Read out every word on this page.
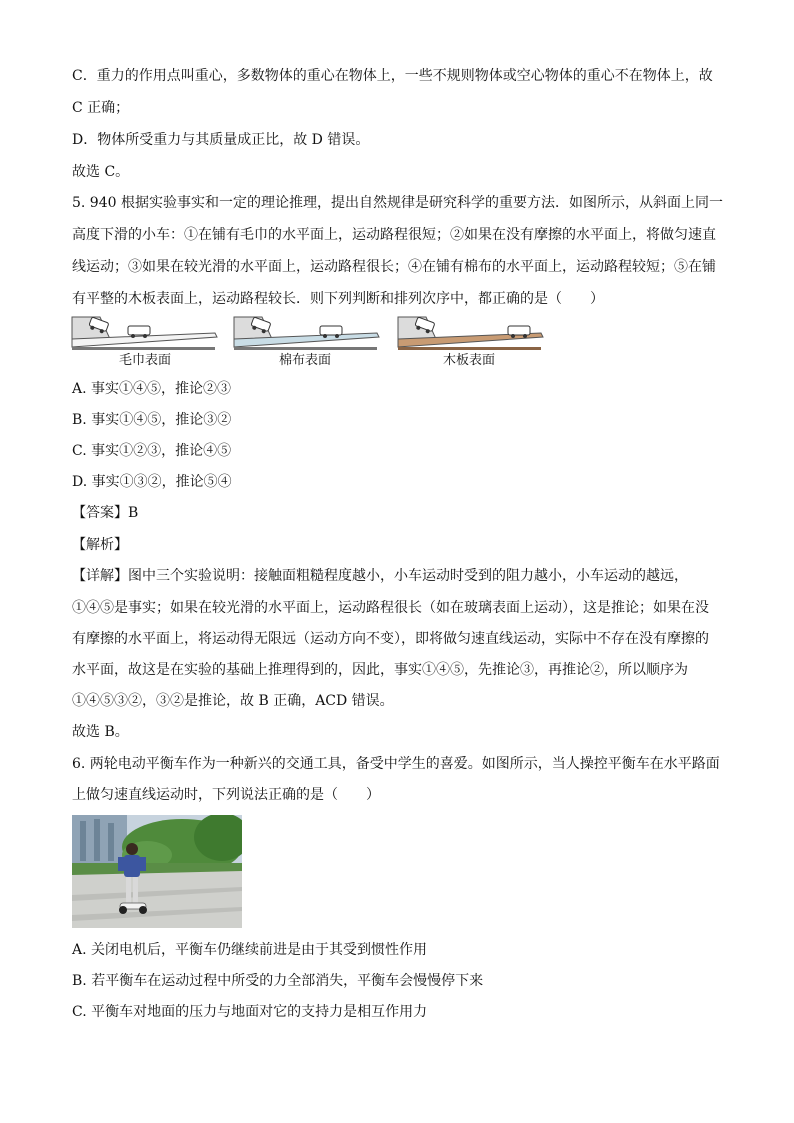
C．重力的作用点叫重心，多数物体的重心在物体上，一些不规则物体或空心物体的重心不在物体上，故
C 正确；
D．物体所受重力与其质量成正比，故 D 错误。
故选 C。
5. 940 根据实验事实和一定的理论推理，提出自然规律是研究科学的重要方法．如图所示，从斜面上同一
高度下滑的小车：①在铺有毛巾的水平面上，运动路程很短；②如果在没有摩擦的水平面上，将做匀速直
线运动；③如果在较光滑的水平面上，运动路程很长；④在铺有棉布的水平面上，运动路程较短；⑤在铺
有平整的木板表面上，运动路程较长．则下列判断和排列次序中，都正确的是（　　）
毛巾表面	棉布表面	木板表面
A. 事实①④⑤，推论②③
B. 事实①④⑤，推论③②
C. 事实①②③，推论④⑤
D. 事实①③②，推论⑤④
【答案】B
【解析】
【详解】图中三个实验说明：接触面粗糙程度越小，小车运动时受到的阻力越小，小车运动的越远，
①④⑤是事实；如果在较光滑的水平面上，运动路程很长（如在玻璃表面上运动），这是推论；如果在没
有摩擦的水平面上，将运动得无限远（运动方向不变），即将做匀速直线运动，实际中不存在没有摩擦的
水平面，故这是在实验的基础上推理得到的，因此，事实①④⑤，先推论③，再推论②，所以顺序为
①④⑤③②，③②是推论，故 B 正确，ACD 错误。
故选 B。
6. 两轮电动平衡车作为一种新兴的交通工具，备受中学生的喜爱。如图所示，当人操控平衡车在水平路面
上做匀速直线运动时，下列说法正确的是（　　）
A. 关闭电机后，平衡车仍继续前进是由于其受到惯性作用
B. 若平衡车在运动过程中所受的力全部消失，平衡车会慢慢停下来
C. 平衡车对地面的压力与地面对它的支持力是相互作用力
